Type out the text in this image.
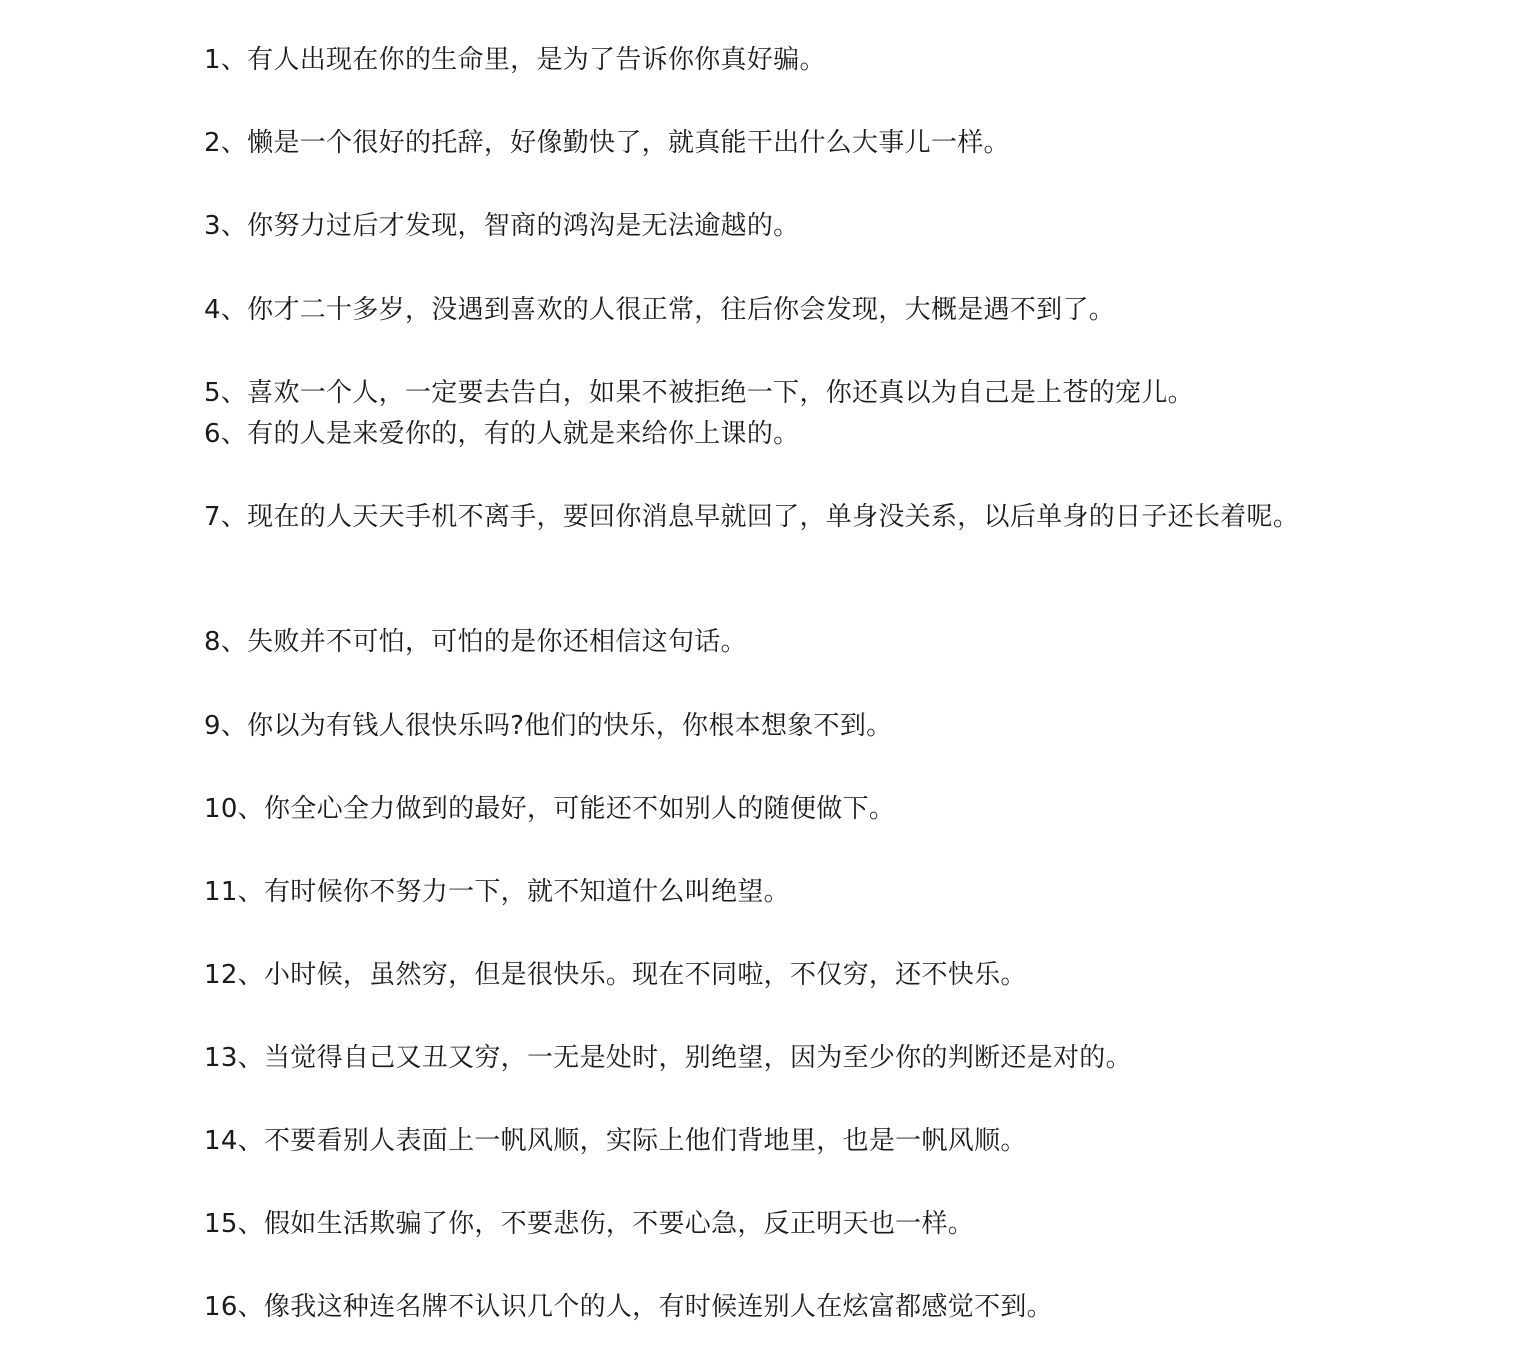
1、有人出现在你的生命里，是为了告诉你你真好骗。
2、懒是一个很好的托辞，好像勤快了，就真能干出什么大事儿一样。
3、你努力过后才发现，智商的鸿沟是无法逾越的。
4、你才二十多岁，没遇到喜欢的人很正常，往后你会发现，大概是遇不到了。
5、喜欢一个人，一定要去告白，如果不被拒绝一下，你还真以为自己是上苍的宠儿。
6、有的人是来爱你的，有的人就是来给你上课的。
7、现在的人天天手机不离手，要回你消息早就回了，单身没关系，以后单身的日子还长着呢。
8、失败并不可怕，可怕的是你还相信这句话。
9、你以为有钱人很快乐吗?他们的快乐，你根本想象不到。
10、你全心全力做到的最好，可能还不如别人的随便做下。
11、有时候你不努力一下，就不知道什么叫绝望。
12、小时候，虽然穷，但是很快乐。现在不同啦，不仅穷，还不快乐。
13、当觉得自己又丑又穷，一无是处时，别绝望，因为至少你的判断还是对的。
14、不要看别人表面上一帆风顺，实际上他们背地里，也是一帆风顺。
15、假如生活欺骗了你，不要悲伤，不要心急，反正明天也一样。
16、像我这种连名牌不认识几个的人，有时候连别人在炫富都感觉不到。
